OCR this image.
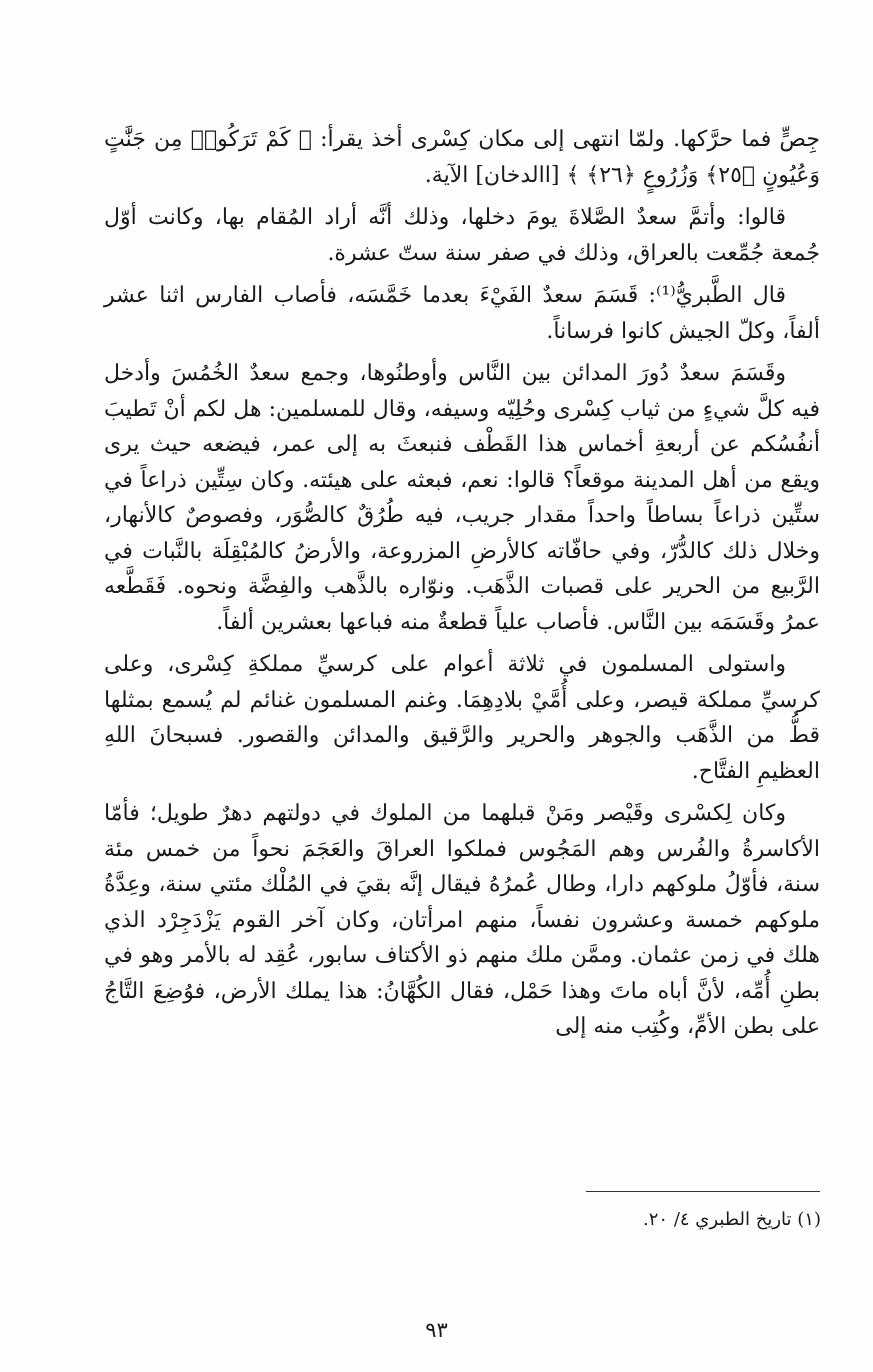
جِصٍّ فما حرَّكها. ولمّا انتهى إلى مكان كِسْرى أخذ يقرأ: ﴿ كَمْ تَرَكُوا۟ مِن جَنَّٰتٍ وَعُيُونٍ ﴿٢٥﴾ وَزُرُوعٍ ﴿٢٦﴾ ﴾ [االدخان] الآية.

قالوا: وأتمَّ سعدٌ الصَّلاةَ يومَ دخلها، وذلك أنَّه أراد المُقام بها، وكانت أوّل جُمعة جُمِّعت بالعراق، وذلك في صفر سنة ستّ عشرة.

قال الطَّبريُّ⁽¹⁾: قَسَمَ سعدٌ الفَيْءَ بعدما خَمَّسَه، فأصاب الفارس اثنا عشر ألفاً، وكلّ الجيش كانوا فرساناً.

وقَسَمَ سعدٌ دُورَ المدائن بين النَّاس وأوطنُوها، وجمع سعدٌ الخُمُسَ وأدخل فيه كلَّ شيءٍ من ثياب كِسْرى وحُلِيّه وسيفه، وقال للمسلمين: هل لكم أنْ تَطيبَ أنفُسُكم عن أربعةِ أخماس هذا القَطْف فنبعثَ به إلى عمر، فيضعه حيث يرى ويقع من أهل المدينة موقعاً؟ قالوا: نعم، فبعثه على هيئته. وكان سِتِّين ذراعاً في ستِّين ذراعاً بساطاً واحداً مقدار جريب، فيه طُرُقٌ كالصُّوَر، وفصوصٌ كالأنهار، وخلال ذلك كالدُّرّ، وفي حافّاته كالأرضِ المزروعة، والأرضُ كالمُبْقِلَة بالنَّبات في الرَّبيع من الحرير على قصبات الذَّهَب. ونوّاره بالذَّهب والفِضَّة ونحوه. فَقَطَّعه عمرُ وقَسَمَه بين النَّاس. فأصاب علياً قطعةٌ منه فباعها بعشرين ألفاً.

واستولى المسلمون في ثلاثة أعوام على كرسيِّ مملكةِ كِسْرى، وعلى كرسيِّ مملكة قيصر، وعلى أُمَّيْ بلادِهِمَا. وغنم المسلمون غنائم لم يُسمع بمثلها قطُّ من الذَّهَب والجوهر والحرير والرَّقيق والمدائن والقصور. فسبحانَ اللهِ العظيمِ الفتَّاح.

وكان لِكسْرى وقَيْصر ومَنْ قبلهما من الملوك في دولتهم دهرٌ طويل؛ فأمّا الأكاسرةُ والفُرس وهم المَجُوس فملكوا العراقَ والعَجَمَ نحواً من خمس مئة سنة، فأوّلُ ملوكهم دارا، وطال عُمرُهُ فيقال إنَّه بقيَ في المُلْك مئتي سنة، وعِدَّةُ ملوكهم خمسة وعشرون نفساً، منهم امرأتان، وكان آخر القوم يَزْدَجِرْد الذي هلك في زمن عثمان. وممَّن ملك منهم ذو الأكتاف سابور، عُقِد له بالأمر وهو في بطنِ أُمِّه، لأنَّ أباه ماتَ وهذا حَمْل، فقال الكُهَّانُ: هذا يملك الأرض، فوُضِعَ التَّاجُ على بطن الأمِّ، وكُتِب منه إلى

(١) تاريخ الطبري ٤/ ٢٠.
٩٣
